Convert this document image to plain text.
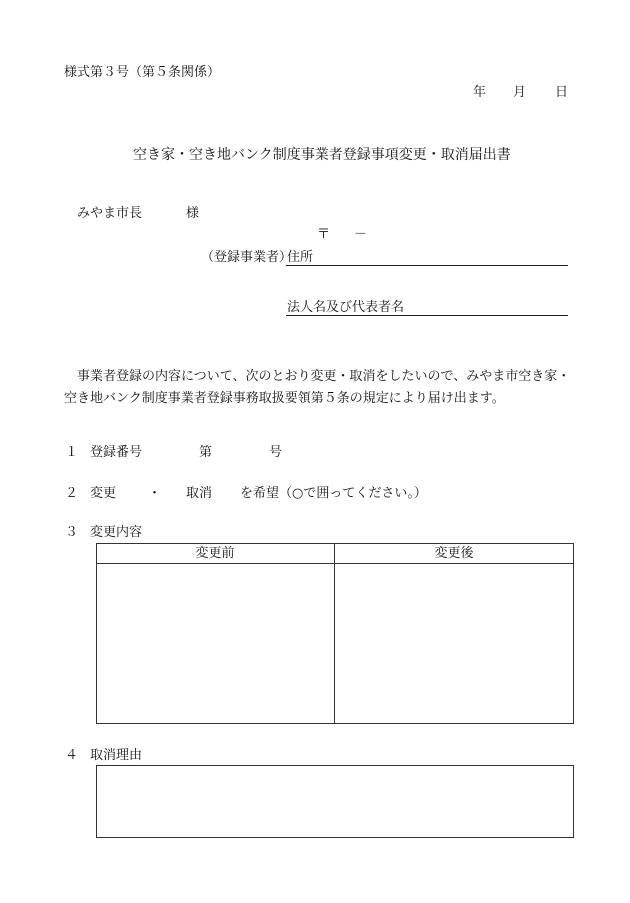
様式第３号（第５条関係）
年 月 日
空き家・空き地バンク制度事業者登録事項変更・取消届出書
みやま市長	様
〒 －
（登録事業者）
住所
法人名及び代表者名
事業者登録の内容について、次のとおり変更・取消をしたいので、みやま市空き家・空き地バンク制度事業者登録事務取扱要領第５条の規定により届け出ます。
１ 登録番号	第	号
２ 変更 ・ 取消 を希望（○で囲ってください。）
３ 変更内容
変更前	変更後
４ 取消理由
